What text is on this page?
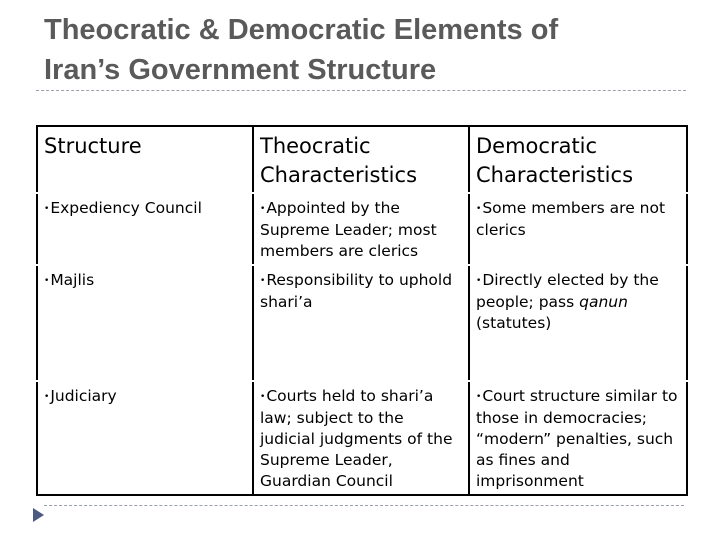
Theocratic & Democratic Elements of
Iran’s Government Structure
Structure	Theocratic Characteristics	Democratic Characteristics
•Expediency Council	•Appointed by the Supreme Leader; most members are clerics	•Some members are not clerics
•Majlis	•Responsibility to uphold shari’a	•Directly elected by the people; pass qanun (statutes)
•Judiciary	•Courts held to shari’a law; subject to the judicial judgments of the Supreme Leader, Guardian Council	•Court structure similar to those in democracies; “modern” penalties, such as fines and imprisonment
